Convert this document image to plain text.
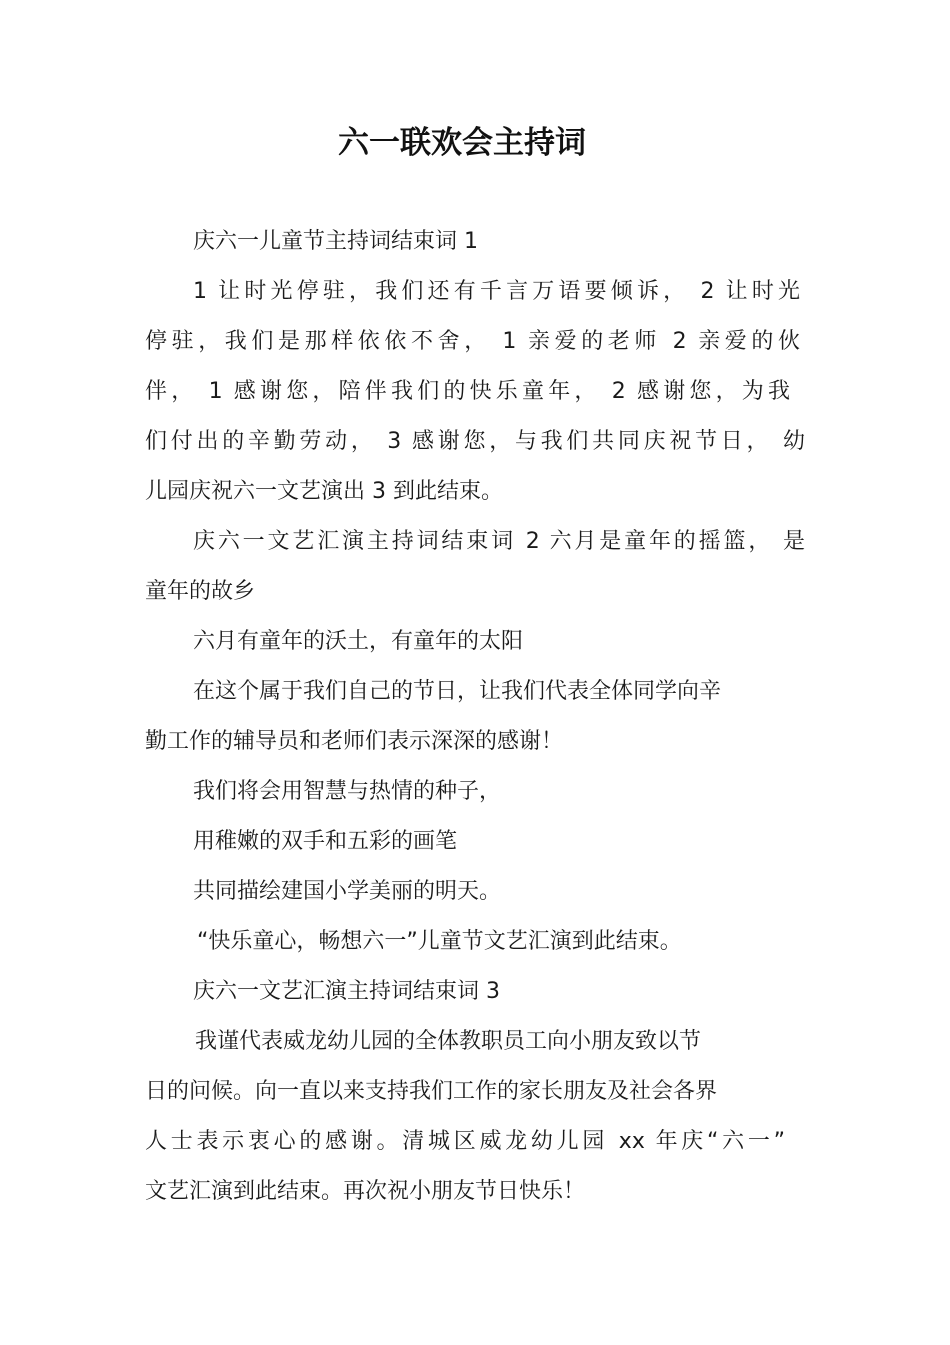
六一联欢会主持词
庆六一儿童节主持词结束词 1
1 让时光停驻，我们还有千言万语要倾诉， 2 让时光
停驻，我们是那样依依不舍， 1 亲爱的老师 2 亲爱的伙
伴， 1 感谢您，陪伴我们的快乐童年， 2 感谢您，为我
们付出的辛勤劳动， 3 感谢您，与我们共同庆祝节日， 幼
儿园庆祝六一文艺演出 3 到此结束。
庆六一文艺汇演主持词结束词 2 六月是童年的摇篮， 是
童年的故乡
六月有童年的沃土，有童年的太阳
在这个属于我们自己的节日，让我们代表全体同学向辛
勤工作的辅导员和老师们表示深深的感谢！
我们将会用智慧与热情的种子，
用稚嫩的双手和五彩的画笔
共同描绘建国小学美丽的明天。
“快乐童心，畅想六一”儿童节文艺汇演到此结束。
庆六一文艺汇演主持词结束词 3
我谨代表威龙幼儿园的全体教职员工向小朋友致以节
日的问候。向一直以来支持我们工作的家长朋友及社会各界
人士表示衷心的感谢。清城区威龙幼儿园 xx 年庆“六一”
文艺汇演到此结束。再次祝小朋友节日快乐！
